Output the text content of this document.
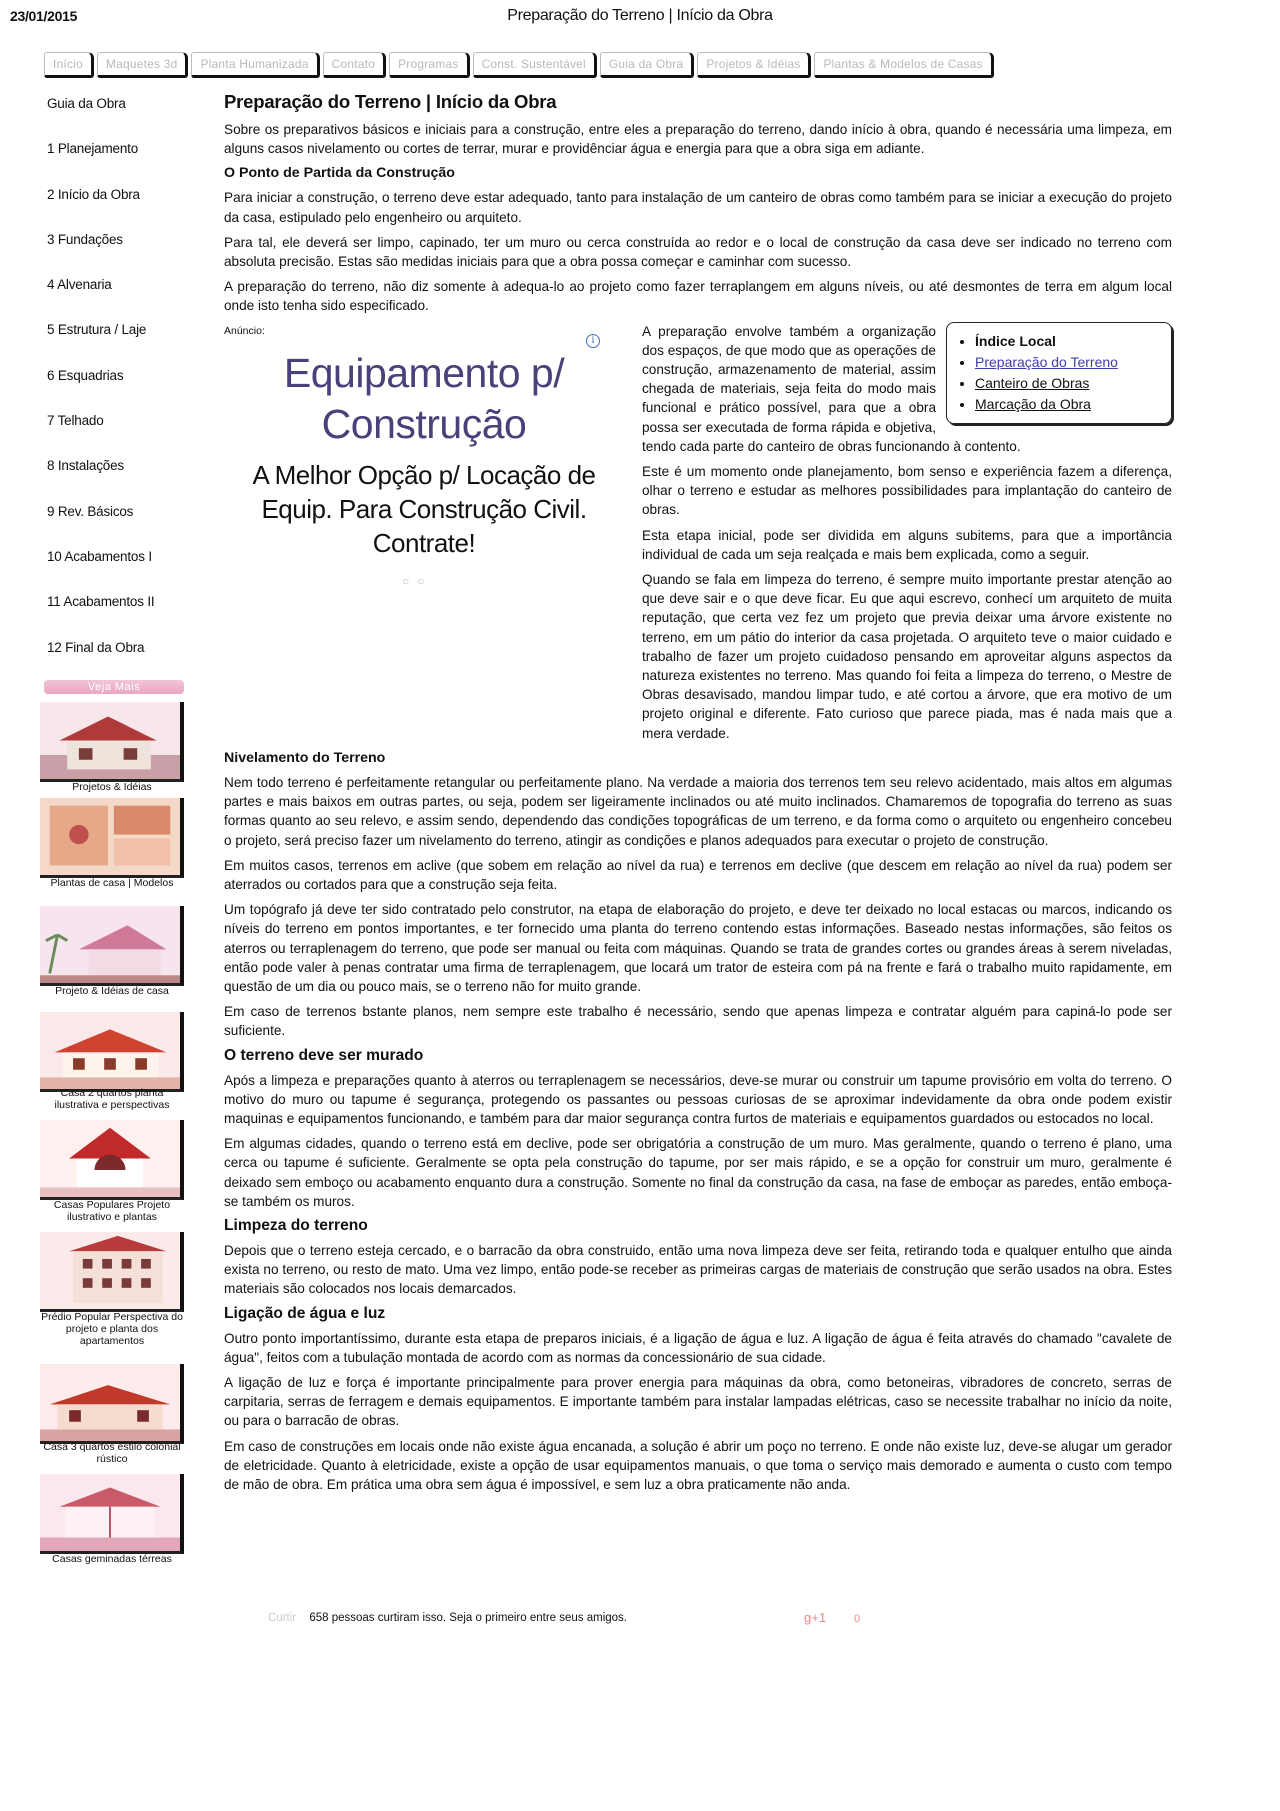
23/01/2015	Preparação do Terreno | Início da Obra
Início	Maquetes 3d	Planta Humanizada	Contato	Programas	Const. Sustentável	Guia da Obra	Projetos & Idéias	Plantas & Modelos de Casas
Guia da Obra
1 Planejamento
2 Início da Obra
3 Fundações
4 Alvenaria
5 Estrutura / Laje
6 Esquadrias
7 Telhado
8 Instalações
9 Rev. Básicos
10 Acabamentos I
11 Acabamentos II
12 Final da Obra
Veja Mais
Projetos & Idéias
Plantas de casa | Modelos
Projeto & Idéias de casa
Casa 2 quartos planta ilustrativa e perspectivas
Casas Populares Projeto ilustrativo e plantas
Prédio Popular Perspectiva do projeto e planta dos apartamentos
Casa 3 quartos estilo colonial rústico
Casas geminadas térreas
Preparação do Terreno | Início da Obra

Sobre os preparativos básicos e iniciais para a construção, entre eles a preparação do terreno, dando início à obra, quando é necessária uma limpeza, em alguns casos nivelamento ou cortes de terrar, murar e providênciar água e energia para que a obra siga em adiante.

O Ponto de Partida da Construção

Para iniciar a construção, o terreno deve estar adequado, tanto para instalação de um canteiro de obras como também para se iniciar a execução do projeto da casa, estipulado pelo engenheiro ou arquiteto.

Para tal, ele deverá ser limpo, capinado, ter um muro ou cerca construída ao redor e o local de construção da casa deve ser indicado no terreno com absoluta precisão. Estas são medidas iniciais para que a obra possa começar e caminhar com sucesso.

A preparação do terreno, não diz somente à adequa-lo ao projeto como fazer terraplangem em alguns níveis, ou até desmontes de terra em algum local onde isto tenha sido especificado.

Anúncio:
i
Equipamento p/ Construção
A Melhor Opção p/ Locação de Equip. Para Construção Civil. Contrate!
○○
• Índice Local
• Preparação do Terreno
• Canteiro de Obras
• Marcação da Obra

A preparação envolve também a organização dos espaços, de que modo que as operações de construção, armazenamento de material, assim chegada de materiais, seja feita do modo mais funcional e prático possível, para que a obra possa ser executada de forma rápida e objetiva, tendo cada parte do canteiro de obras funcionando à contento.

Este é um momento onde planejamento, bom senso e experiência fazem a diferença, olhar o terreno e estudar as melhores possibilidades para implantação do canteiro de obras.

Esta etapa inicial, pode ser dividida em alguns subitems, para que a importância individual de cada um seja realçada e mais bem explicada, como a seguir.

Quando se fala em limpeza do terreno, é sempre muito importante prestar atenção ao que deve sair e o que deve ficar. Eu que aqui escrevo, conhecí um arquiteto de muita reputação, que certa vez fez um projeto que previa deixar uma árvore existente no terreno, em um pátio do interior da casa projetada. O arquiteto teve o maior cuidado e trabalho de fazer um projeto cuidadoso pensando em aproveitar alguns aspectos da natureza existentes no terreno. Mas quando foi feita a limpeza do terreno, o Mestre de Obras desavisado, mandou limpar tudo, e até cortou a árvore, que era motivo de um projeto original e diferente. Fato curioso que parece piada, mas é nada mais que a mera verdade.

Nivelamento do Terreno

Nem todo terreno é perfeitamente retangular ou perfeitamente plano. Na verdade a maioria dos terrenos tem seu relevo acidentado, mais altos em algumas partes e mais baixos em outras partes, ou seja, podem ser ligeiramente inclinados ou até muito inclinados. Chamaremos de topografia do terreno as suas formas quanto ao seu relevo, e assim sendo, dependendo das condições topográficas de um terreno, e da forma como o arquiteto ou engenheiro concebeu o projeto, será preciso fazer um nivelamento do terreno, atingir as condições e planos adequados para executar o projeto de construção.

Em muitos casos, terrenos em aclive (que sobem em relação ao nível da rua) e terrenos em declive (que descem em relação ao nível da rua) podem ser aterrados ou cortados para que a construção seja feita.

Um topógrafo já deve ter sido contratado pelo construtor, na etapa de elaboração do projeto, e deve ter deixado no local estacas ou marcos, indicando os níveis do terreno em pontos importantes, e ter fornecido uma planta do terreno contendo estas informações. Baseado nestas informações, são feitos os aterros ou terraplenagem do terreno, que pode ser manual ou feita com máquinas. Quando se trata de grandes cortes ou grandes áreas à serem niveladas, então pode valer à penas contratar uma firma de terraplenagem, que locará um trator de esteira com pá na frente e fará o trabalho muito rapidamente, em questão de um dia ou pouco mais, se o terreno não for muito grande.

Em caso de terrenos bstante planos, nem sempre este trabalho é necessário, sendo que apenas limpeza e contratar alguém para capiná-lo pode ser suficiente.

O terreno deve ser murado

Após a limpeza e preparações quanto à aterros ou terraplenagem se necessários, deve-se murar ou construir um tapume provisório em volta do terreno. O motivo do muro ou tapume é segurança, protegendo os passantes ou pessoas curiosas de se aproximar indevidamente da obra onde podem existir maquinas e equipamentos funcionando, e também para dar maior segurança contra furtos de materiais e equipamentos guardados ou estocados no local.

Em algumas cidades, quando o terreno está em declive, pode ser obrigatória a construção de um muro. Mas geralmente, quando o terreno é plano, uma cerca ou tapume é suficiente. Geralmente se opta pela construção do tapume, por ser mais rápido, e se a opção for construir um muro, geralmente é deixado sem emboço ou acabamento enquanto dura a construção. Somente no final da construção da casa, na fase de emboçar as paredes, então emboça-se também os muros.

Limpeza do terreno

Depois que o terreno esteja cercado, e o barracão da obra construido, então uma nova limpeza deve ser feita, retirando toda e qualquer entulho que ainda exista no terreno, ou resto de mato. Uma vez limpo, então pode-se receber as primeiras cargas de materiais de construção que serão usados na obra. Estes materiais são colocados nos locais demarcados.

Ligação de água e luz

Outro ponto importantíssimo, durante esta etapa de preparos iniciais, é a ligação de água e luz. A ligação de água é feita através do chamado "cavalete de água", feitos com a tubulação montada de acordo com as normas da concessionário de sua cidade.

A ligação de luz e força é importante principalmente para prover energia para máquinas da obra, como betoneiras, vibradores de concreto, serras de carpitaria, serras de ferragem e demais equipamentos. E importante também para instalar lampadas elétricas, caso se necessite trabalhar no início da noite, ou para o barracão de obras.

Em caso de construções em locais onde não existe água encanada, a solução é abrir um poço no terreno. E onde não existe luz, deve-se alugar um gerador de eletricidade. Quanto à eletricidade, existe a opção de usar equipamentos manuais, o que toma o serviço mais demorado e aumenta o custo com tempo de mão de obra. Em prática uma obra sem água é impossível, e sem luz a obra praticamente não anda.

Curtir 658 pessoas curtiram isso. Seja o primeiro entre seus amigos.	g+1	0
